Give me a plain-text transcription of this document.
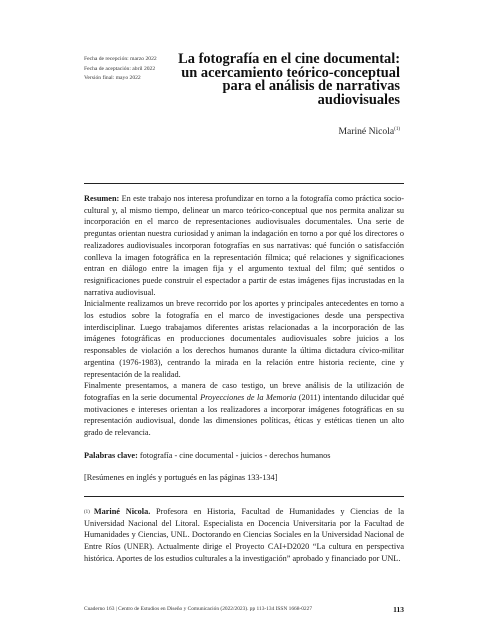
Fecha de recepción: marzo 2022
Fecha de aceptación: abril 2022
Versión final: mayo 2022
La fotografía en el cine documental: un acercamiento teórico-conceptual para el análisis de narrativas audiovisuales
Mariné Nicola$^{(1)}$

Resumen: En este trabajo nos interesa profundizar en torno a la fotografía como práctica socio-cultural y, al mismo tiempo, delinear un marco teórico-conceptual que nos permita analizar su incorporación en el marco de representaciones audiovisuales documentales. Una serie de preguntas orientan nuestra curiosidad y animan la indagación en torno a por qué los directores o realizadores audiovisuales incorporan fotografías en sus narrativas: qué función o satisfacción conlleva la imagen fotográfica en la representación fílmica; qué relaciones y significaciones entran en diálogo entre la imagen fija y el argumento textual del film; qué sentidos o resignificaciones puede construir el espectador a partir de estas imágenes fijas incrustadas en la narrativa audiovisual.

Inicialmente realizamos un breve recorrido por los aportes y principales antecedentes en torno a los estudios sobre la fotografía en el marco de investigaciones desde una perspectiva interdisciplinar. Luego trabajamos diferentes aristas relacionadas a la incorporación de las imágenes fotográficas en producciones documentales audiovisuales sobre juicios a los responsables de violación a los derechos humanos durante la última dictadura cívico-militar argentina (1976-1983), centrando la mirada en la relación entre historia reciente, cine y representación de la realidad.

Finalmente presentamos, a manera de caso testigo, un breve análisis de la utilización de fotografías en la serie documental Proyecciones de la Memoria (2011) intentando dilucidar qué motivaciones e intereses orientan a los realizadores a incorporar imágenes fotográficas en su representación audiovisual, donde las dimensiones políticas, éticas y estéticas tienen un alto grado de relevancia.

Palabras clave: fotografía - cine documental - juicios - derechos humanos
[Resúmenes en inglés y portugués en las páginas 133-134]
$^{(1)}$ Mariné Nicola. Profesora en Historia, Facultad de Humanidades y Ciencias de la Universidad Nacional del Litoral. Especialista en Docencia Universitaria por la Facultad de Humanidades y Ciencias, UNL. Doctorando en Ciencias Sociales en la Universidad Nacional de Entre Ríos (UNER). Actualmente dirige el Proyecto CAI+D2020 “La cultura en perspectiva histórica. Aportes de los estudios culturales a la investigación” aprobado y financiado por UNL.
Cuaderno 163 | Centro de Estudios en Diseño y Comunicación (2022/2023). pp 113-134 ISSN 1668-0227	113
